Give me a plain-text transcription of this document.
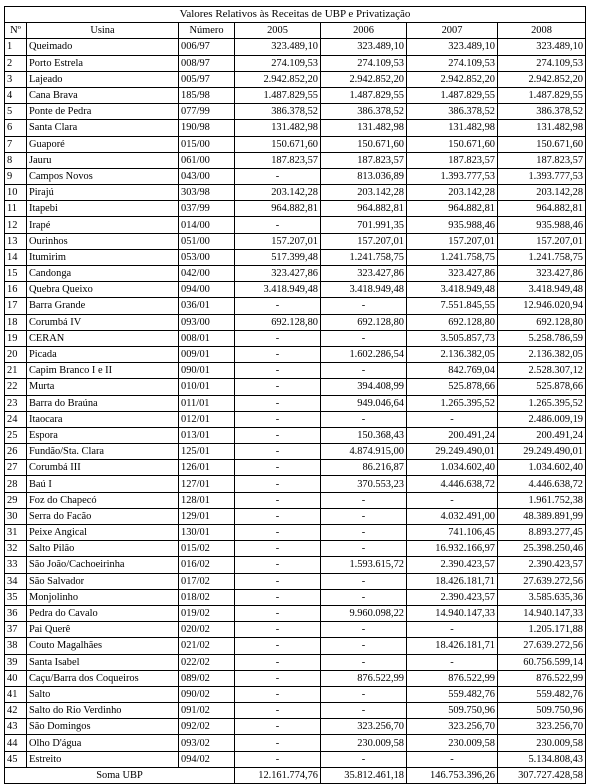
Valores Relativos às Receitas de UBP e Privatização						
Nº	Usina	Número	2005	2006	2007	2008
1	Queimado	006/97	323.489,10	323.489,10	323.489,10	323.489,10
2	Porto Estrela	008/97	274.109,53	274.109,53	274.109,53	274.109,53
3	Lajeado	005/97	2.942.852,20	2.942.852,20	2.942.852,20	2.942.852,20
4	Cana Brava	185/98	1.487.829,55	1.487.829,55	1.487.829,55	1.487.829,55
5	Ponte de Pedra	077/99	386.378,52	386.378,52	386.378,52	386.378,52
6	Santa Clara	190/98	131.482,98	131.482,98	131.482,98	131.482,98
7	Guaporé	015/00	150.671,60	150.671,60	150.671,60	150.671,60
8	Jauru	061/00	187.823,57	187.823,57	187.823,57	187.823,57
9	Campos Novos	043/00	-	813.036,89	1.393.777,53	1.393.777,53
10	Pirajú	303/98	203.142,28	203.142,28	203.142,28	203.142,28
11	Itapebi	037/99	964.882,81	964.882,81	964.882,81	964.882,81
12	Irapé	014/00	-	701.991,35	935.988,46	935.988,46
13	Ourinhos	051/00	157.207,01	157.207,01	157.207,01	157.207,01
14	Itumirim	053/00	517.399,48	1.241.758,75	1.241.758,75	1.241.758,75
15	Candonga	042/00	323.427,86	323.427,86	323.427,86	323.427,86
16	Quebra Queixo	094/00	3.418.949,48	3.418.949,48	3.418.949,48	3.418.949,48
17	Barra Grande	036/01	-	-	7.551.845,55	12.946.020,94
18	Corumbá IV	093/00	692.128,80	692.128,80	692.128,80	692.128,80
19	CERAN	008/01	-	-	3.505.857,73	5.258.786,59
20	Picada	009/01	-	1.602.286,54	2.136.382,05	2.136.382,05
21	Capim Branco I e II	090/01	-	-	842.769,04	2.528.307,12
22	Murta	010/01	-	394.408,99	525.878,66	525.878,66
23	Barra do Braúna	011/01	-	949.046,64	1.265.395,52	1.265.395,52
24	Itaocara	012/01	-	-	-	2.486.009,19
25	Espora	013/01	-	150.368,43	200.491,24	200.491,24
26	Fundão/Sta. Clara	125/01	-	4.874.915,00	29.249.490,01	29.249.490,01
27	Corumbá III	126/01	-	86.216,87	1.034.602,40	1.034.602,40
28	Baú I	127/01	-	370.553,23	4.446.638,72	4.446.638,72
29	Foz do Chapecó	128/01	-	-	-	1.961.752,38
30	Serra do Facão	129/01	-	-	4.032.491,00	48.389.891,99
31	Peixe Angical	130/01	-	-	741.106,45	8.893.277,45
32	Salto Pilão	015/02	-	-	16.932.166,97	25.398.250,46
33	São João/Cachoeirinha	016/02	-	1.593.615,72	2.390.423,57	2.390.423,57
34	São Salvador	017/02	-	-	18.426.181,71	27.639.272,56
35	Monjolinho	018/02	-	-	2.390.423,57	3.585.635,36
36	Pedra do Cavalo	019/02	-	9.960.098,22	14.940.147,33	14.940.147,33
37	Pai Querê	020/02	-	-	-	1.205.171,88
38	Couto Magalhães	021/02	-	-	18.426.181,71	27.639.272,56
39	Santa Isabel	022/02	-	-	-	60.756.599,14
40	Caçu/Barra dos Coqueiros	089/02	-	876.522,99	876.522,99	876.522,99
41	Salto	090/02	-	-	559.482,76	559.482,76
42	Salto do Rio Verdinho	091/02	-	-	509.750,96	509.750,96
43	São Domingos	092/02	-	323.256,70	323.256,70	323.256,70
44	Olho D'água	093/02	-	230.009,58	230.009,58	230.009,58
45	Estreito	094/02	-	-	-	5.134.808,43
Soma UBP			12.161.774,76	35.812.461,18	146.753.396,26	307.727.428,58
